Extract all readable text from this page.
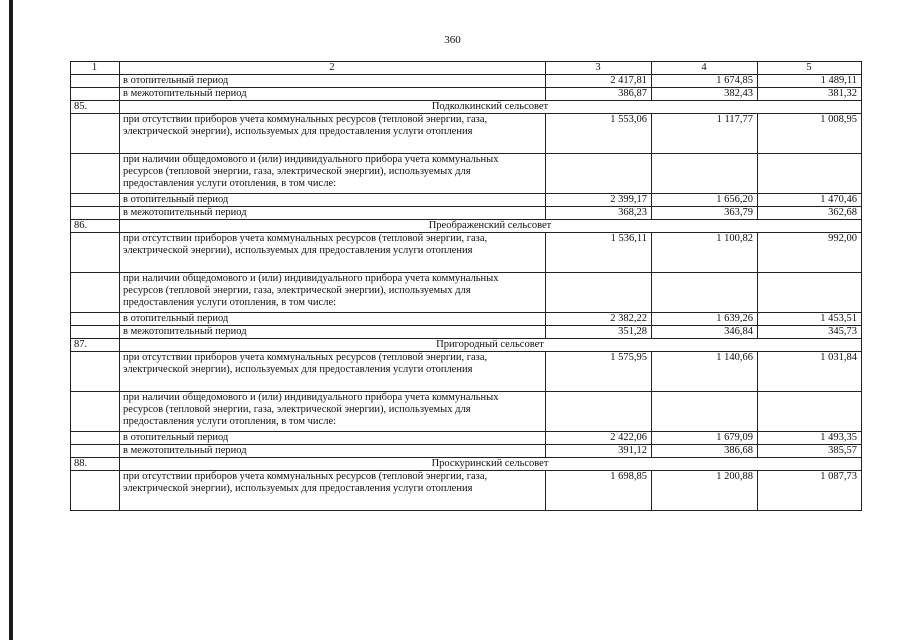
360
1	2	3	4	5
	в отопительный период	2 417,81	1 674,85	1 489,11
	в межотопительный период	386,87	382,43	381,32
85.	Подколкинский сельсовет			
	при отсутствии приборов учета коммунальных ресурсов (тепловой энергии, газа, электрической энергии), используемых для предоставления услуги отопления	1 553,06	1 117,77	1 008,95
	при наличии общедомового и (или) индивидуального прибора учета коммунальных ресурсов (тепловой энергии, газа, электрической энергии), используемых для предоставления услуги отопления, в том числе:			
	в отопительный период	2 399,17	1 656,20	1 470,46
	в межотопительный период	368,23	363,79	362,68
86.	Преображенский сельсовет			
	при отсутствии приборов учета коммунальных ресурсов (тепловой энергии, газа, электрической энергии), используемых для предоставления услуги отопления	1 536,11	1 100,82	992,00
	при наличии общедомового и (или) индивидуального прибора учета коммунальных ресурсов (тепловой энергии, газа, электрической энергии), используемых для предоставления услуги отопления, в том числе:			
	в отопительный период	2 382,22	1 639,26	1 453,51
	в межотопительный период	351,28	346,84	345,73
87.	Пригородный сельсовет			
	при отсутствии приборов учета коммунальных ресурсов (тепловой энергии, газа, электрической энергии), используемых для предоставления услуги отопления	1 575,95	1 140,66	1 031,84
	при наличии общедомового и (или) индивидуального прибора учета коммунальных ресурсов (тепловой энергии, газа, электрической энергии), используемых для предоставления услуги отопления, в том числе:			
	в отопительный период	2 422,06	1 679,09	1 493,35
	в межотопительный период	391,12	386,68	385,57
88.	Проскуринский сельсовет			
	при отсутствии приборов учета коммунальных ресурсов (тепловой энергии, газа, электрической энергии), используемых для предоставления услуги отопления	1 698,85	1 200,88	1 087,73
